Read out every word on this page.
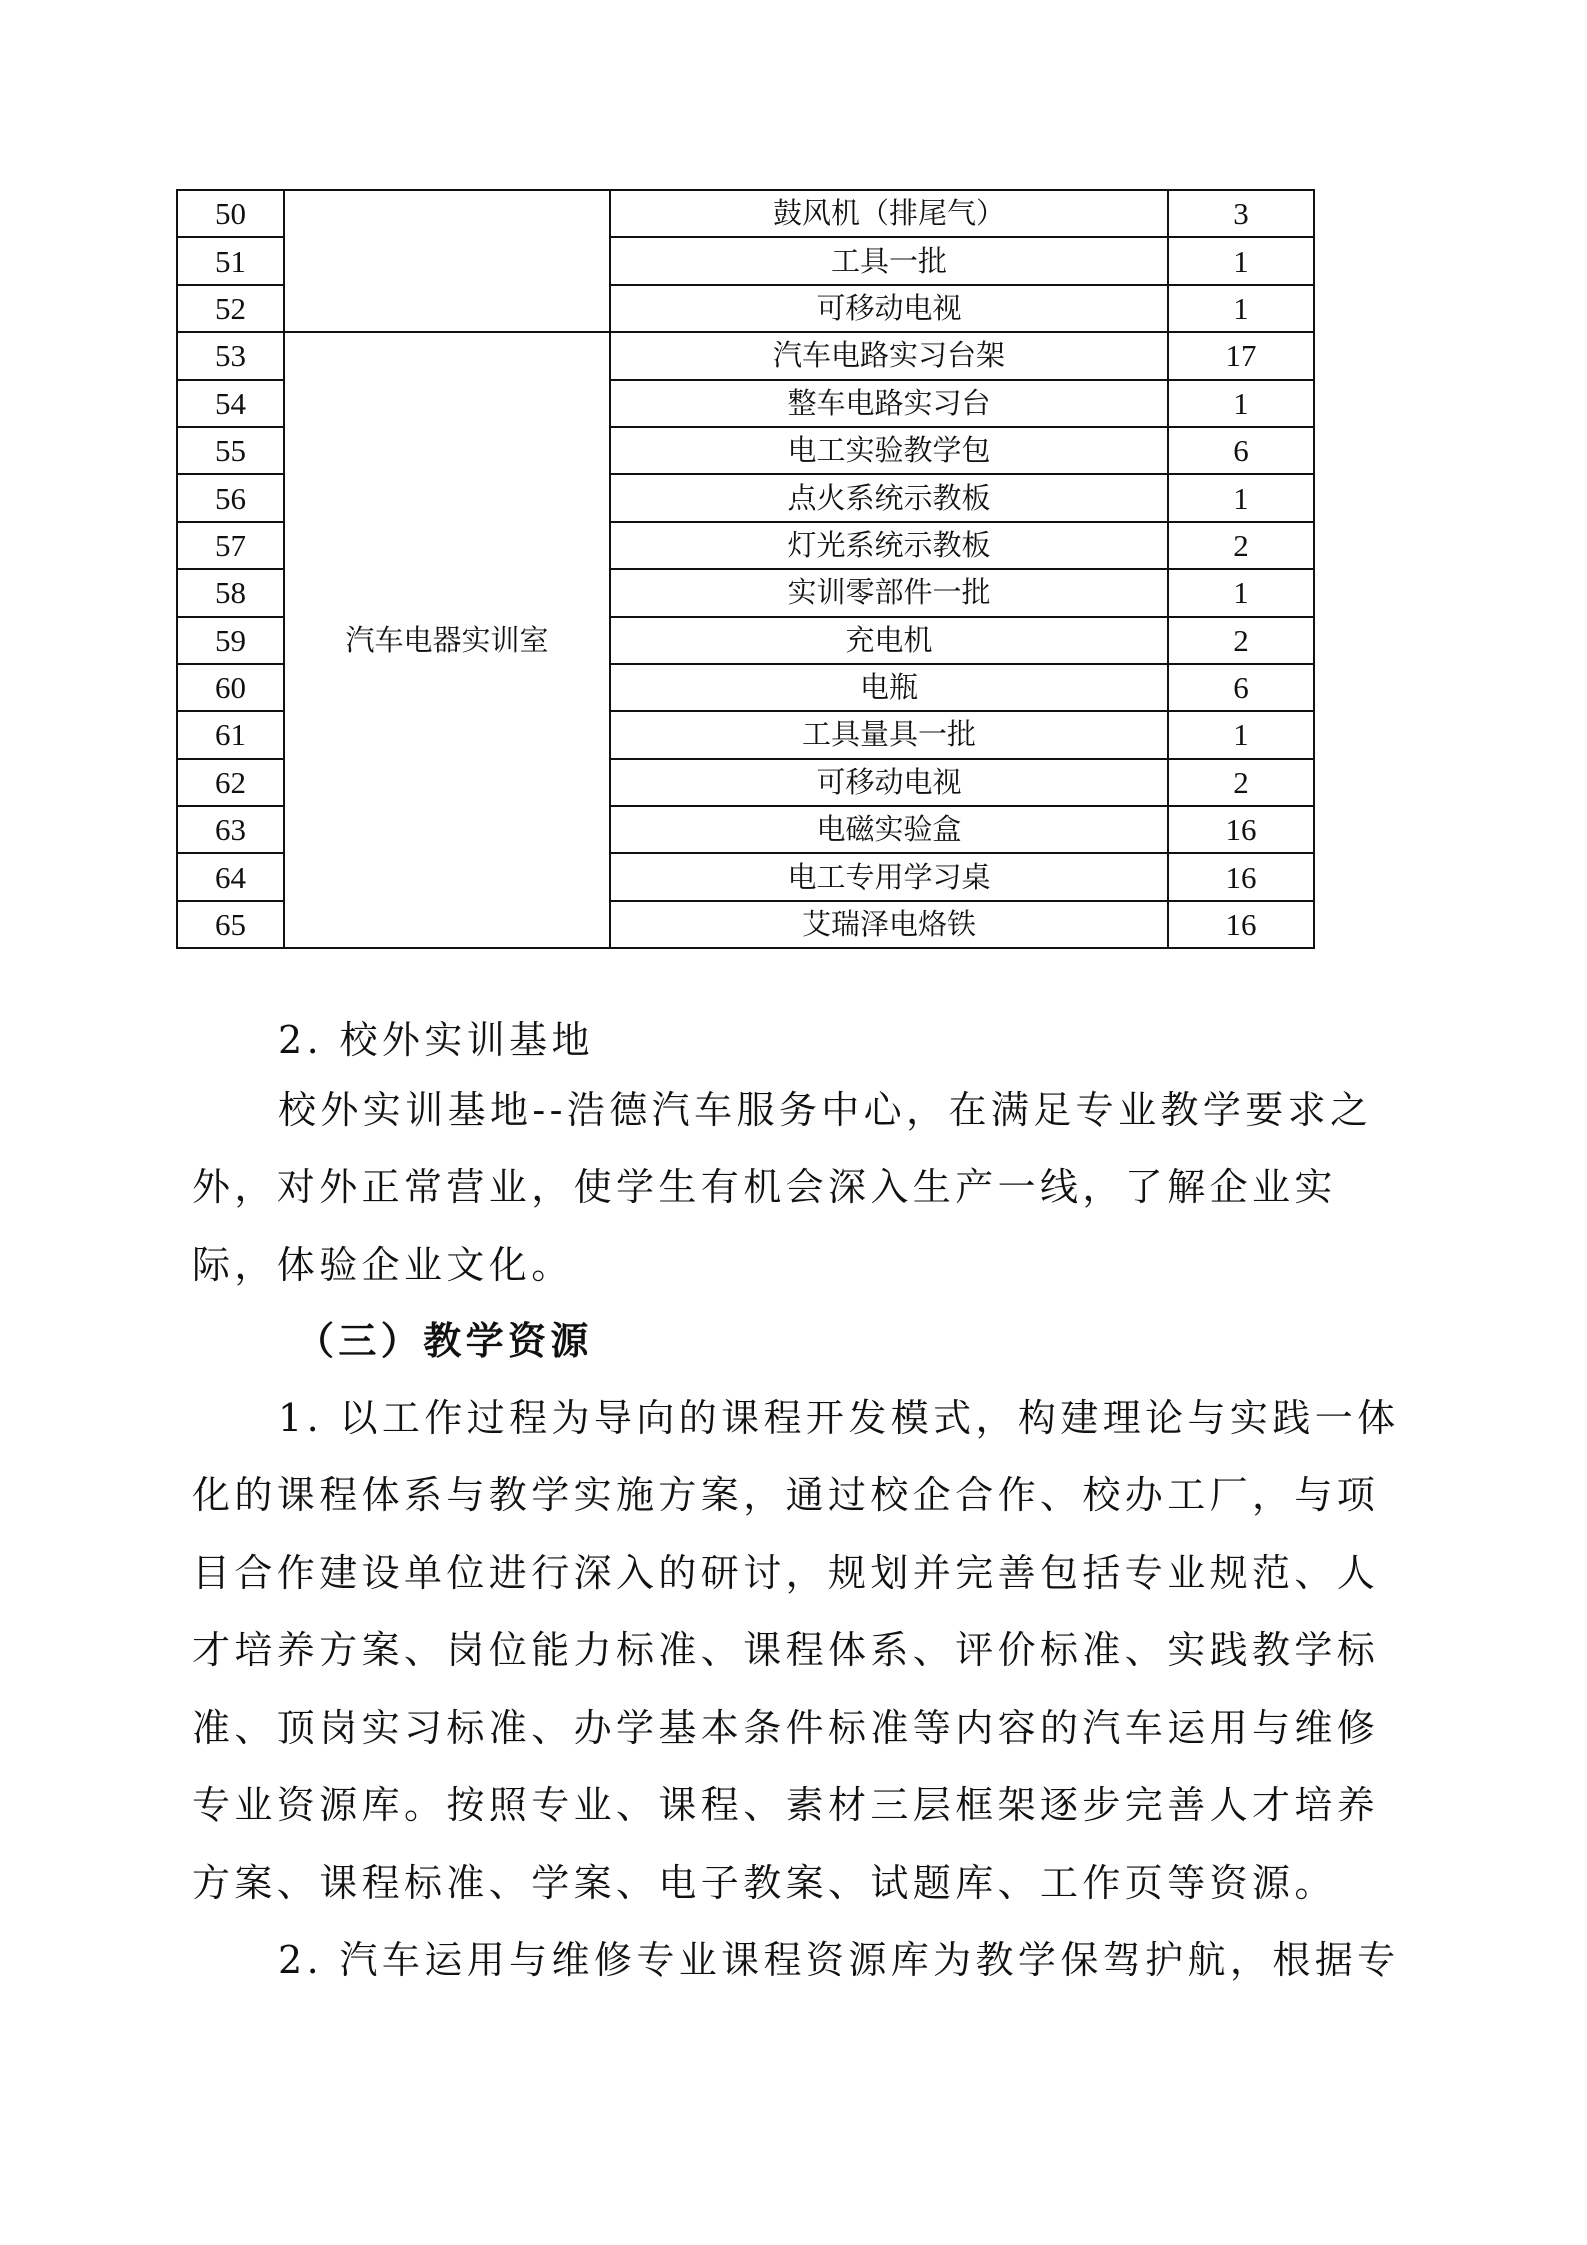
50		鼓风机（排尾气）	3
51		工具一批	1
52		可移动电视	1
53	汽车电器实训室	汽车电路实习台架	17
54		整车电路实习台	1
55		电工实验教学包	6
56		点火系统示教板	1
57		灯光系统示教板	2
58		实训零部件一批	1
59		充电机	2
60		电瓶	6
61		工具量具一批	1
62		可移动电视	2
63		电磁实验盒	16
64		电工专用学习桌	16
65		艾瑞泽电烙铁	16

2. 校外实训基地

校外实训基地--浩德汽车服务中心，在满足专业教学要求之外，对外正常营业，使学生有机会深入生产一线，了解企业实际，体验企业文化。

（三）教学资源

1. 以工作过程为导向的课程开发模式，构建理论与实践一体化的课程体系与教学实施方案，通过校企合作、校办工厂，与项目合作建设单位进行深入的研讨，规划并完善包括专业规范、人才培养方案、岗位能力标准、课程体系、评价标准、实践教学标准、顶岗实习标准、办学基本条件标准等内容的汽车运用与维修专业资源库。按照专业、课程、素材三层框架逐步完善人才培养方案、课程标准、学案、电子教案、试题库、工作页等资源。

2. 汽车运用与维修专业课程资源库为教学保驾护航，根据专
